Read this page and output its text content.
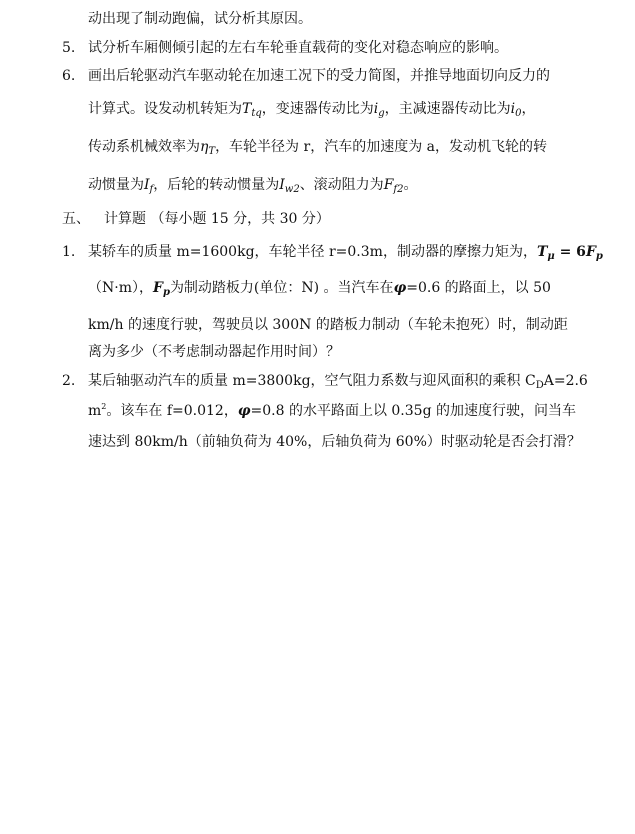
动出现了制动跑偏，试分析其原因。
5. 试分析车厢侧倾引起的左右车轮垂直载荷的变化对稳态响应的影响。
6. 画出后轮驱动汽车驱动轮在加速工况下的受力简图，并推导地面切向反力的
计算式。设发动机转矩为$T_{tq}$，变速器传动比为$i_g$，主减速器传动比为$i_0$，
传动系机械效率为$\eta_T$，车轮半径为 r，汽车的加速度为 a，发动机飞轮的转
动惯量为$I_f$，后轮的转动惯量为$I_{w2}$、滚动阻力为$F_{f2}$。
五、 计算题 （每小题 15 分，共 30 分）
1. 某轿车的质量 m=1600kg，车轮半径 r=0.3m，制动器的摩擦力矩为，$T_\mu = 6F_p$
（N·m），$F_p$为制动踏板力(单位：N) 。当汽车在φ=0.6 的路面上，以 50
km/h 的速度行驶，驾驶员以 300N 的踏板力制动（车轮未抱死）时，制动距
离为多少（不考虑制动器起作用时间）？
2. 某后轴驱动汽车的质量 m=3800kg，空气阻力系数与迎风面积的乘积 $C_DA=2.6$
$m^2$。该车在 f=0.012，φ=0.8 的水平路面上以 0.35g 的加速度行驶，问当车
速达到 80km/h（前轴负荷为 40%，后轴负荷为 60%）时驱动轮是否会打滑？
